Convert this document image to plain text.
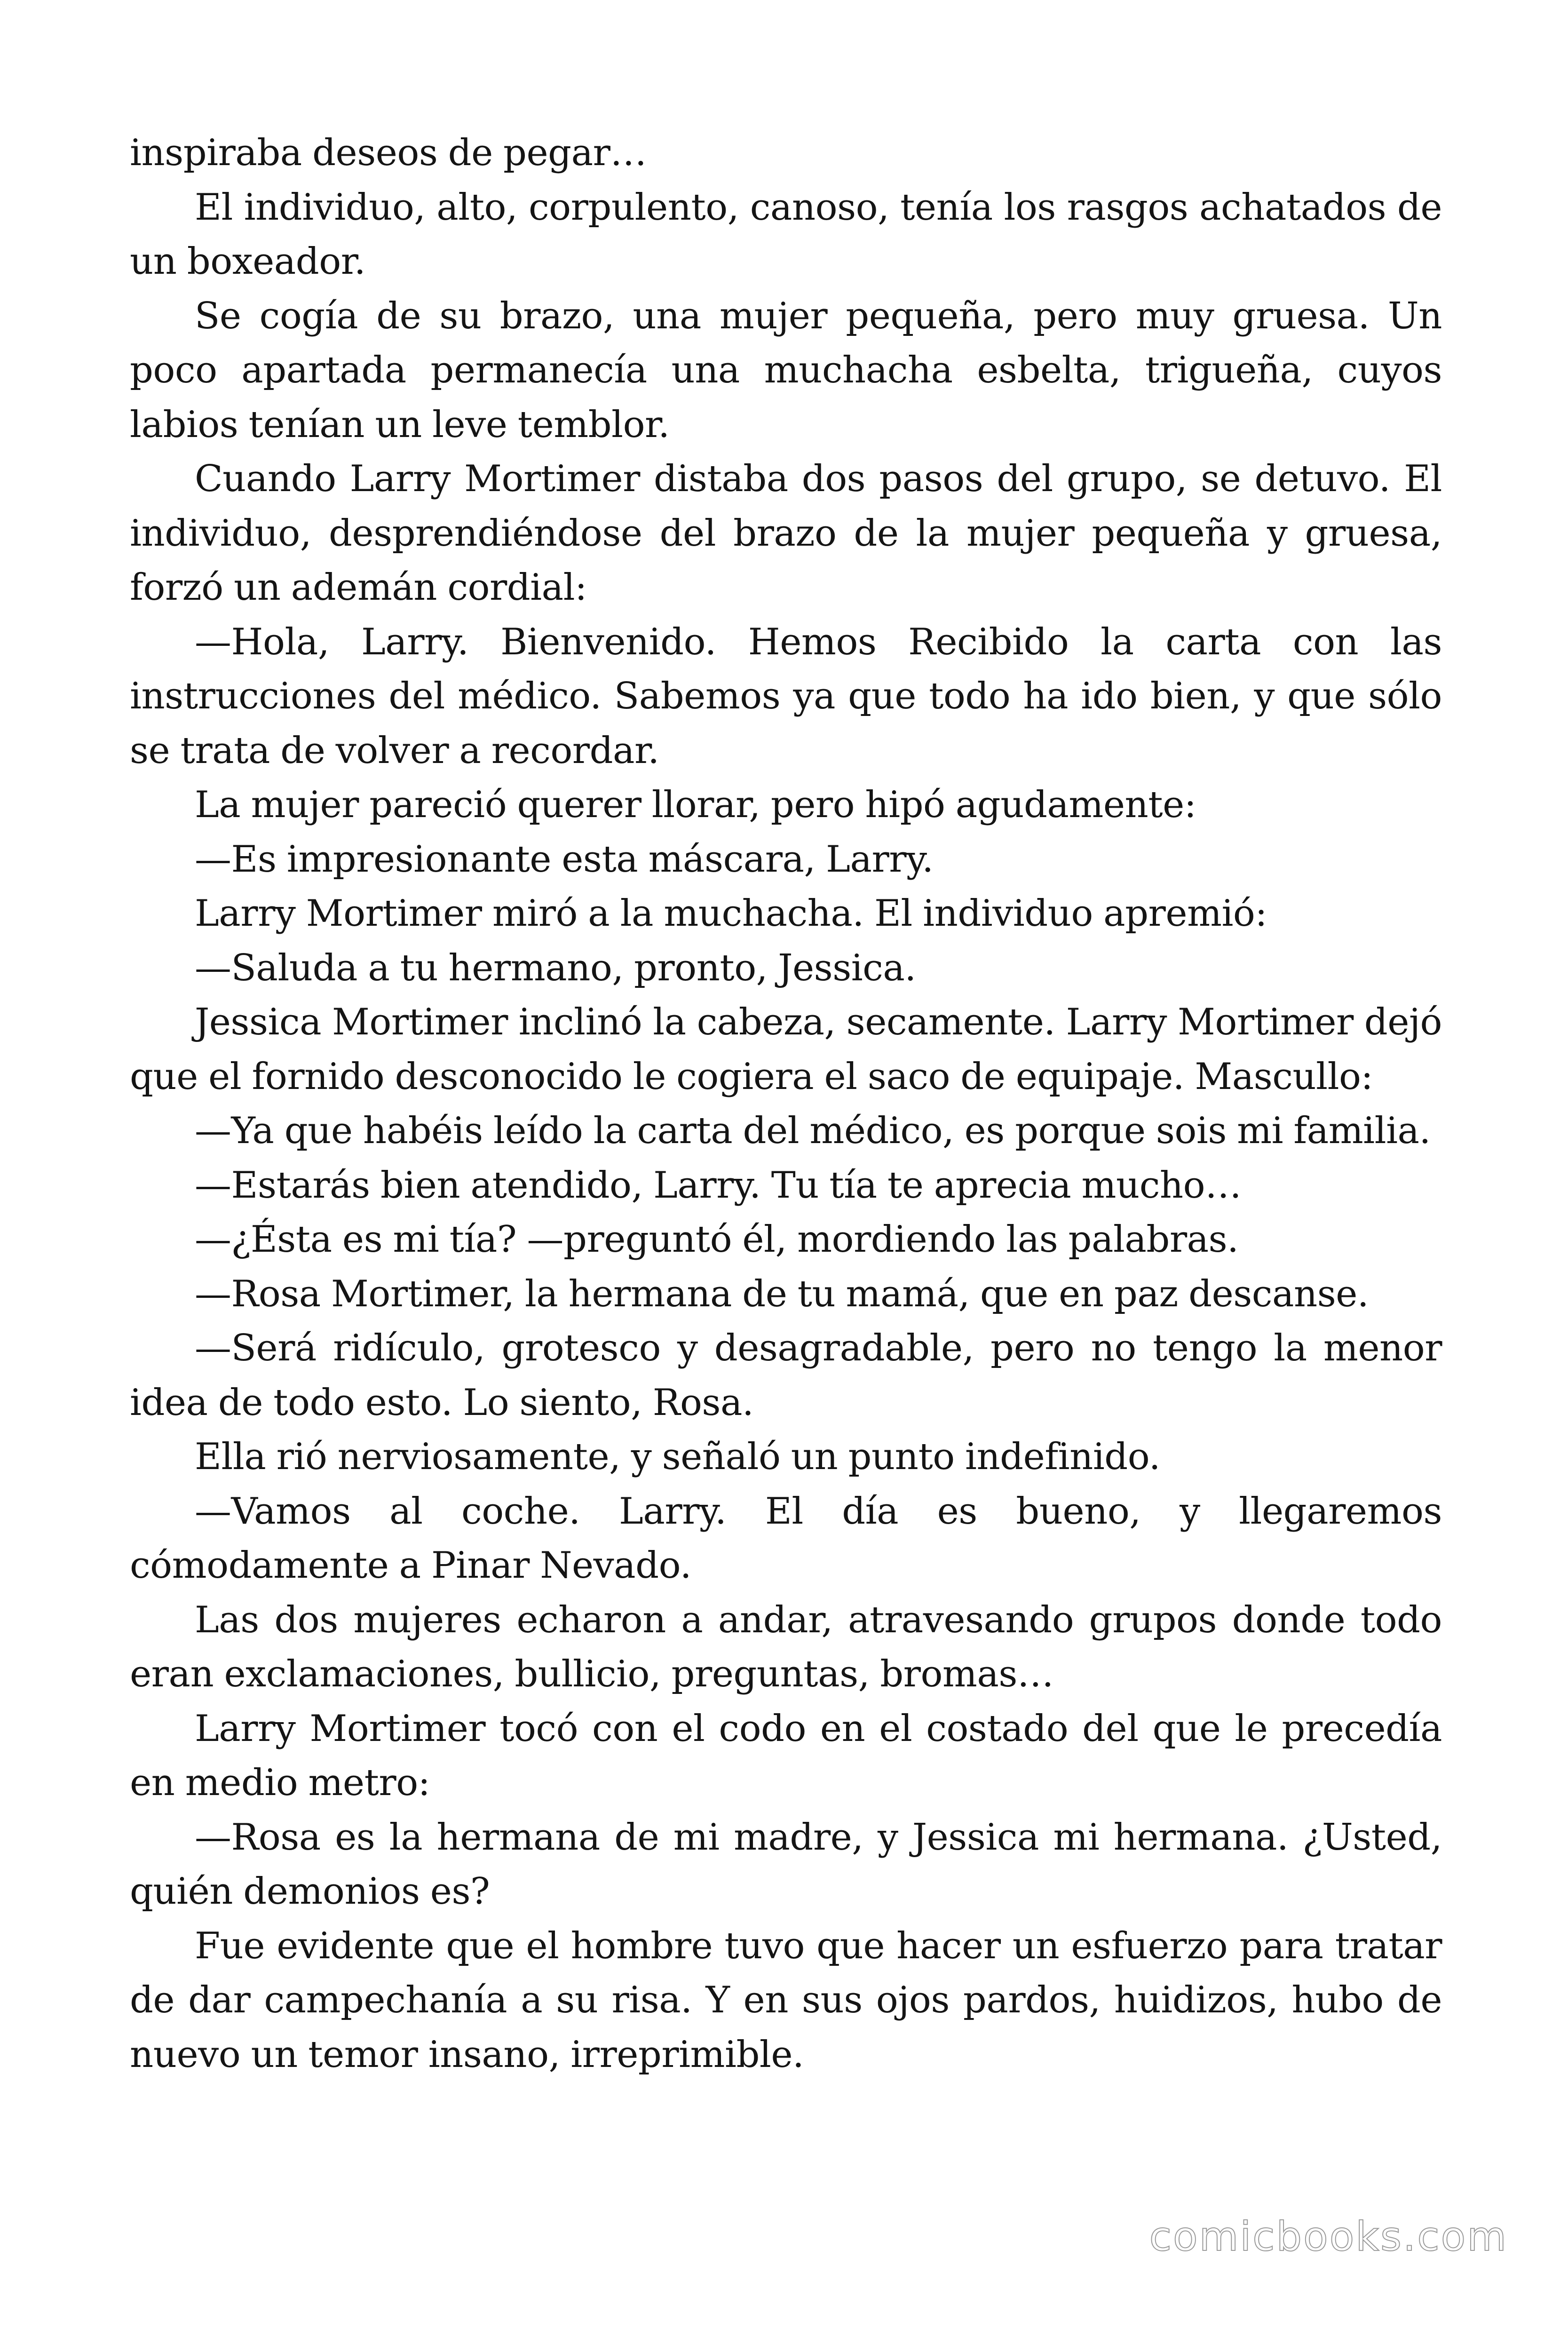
inspiraba deseos de pegar…

El individuo, alto, corpulento, canoso, tenía los rasgos achatados de un boxeador.

Se cogía de su brazo, una mujer pequeña, pero muy gruesa. Un poco apartada permanecía una muchacha esbelta, trigueña, cuyos labios tenían un leve temblor.

Cuando Larry Mortimer distaba dos pasos del grupo, se detuvo. El individuo, desprendiéndose del brazo de la mujer pequeña y gruesa, forzó un ademán cordial:

—Hola, Larry. Bienvenido. Hemos Recibido la carta con las instrucciones del médico. Sabemos ya que todo ha ido bien, y que sólo se trata de volver a recordar.

La mujer pareció querer llorar, pero hipó agudamente:

—Es impresionante esta máscara, Larry.

Larry Mortimer miró a la muchacha. El individuo apremió:

—Saluda a tu hermano, pronto, Jessica.

Jessica Mortimer inclinó la cabeza, secamente. Larry Mortimer dejó que el fornido desconocido le cogiera el saco de equipaje. Mascullo:

—Ya que habéis leído la carta del médico, es porque sois mi familia.

—Estarás bien atendido, Larry. Tu tía te aprecia mucho…

—¿Ésta es mi tía? —preguntó él, mordiendo las palabras.

—Rosa Mortimer, la hermana de tu mamá, que en paz descanse.

—Será ridículo, grotesco y desagradable, pero no tengo la menor idea de todo esto. Lo siento, Rosa.

Ella rió nerviosamente, y señaló un punto indefinido.

—Vamos al coche. Larry. El día es bueno, y llegaremos cómodamente a Pinar Nevado.

Las dos mujeres echaron a andar, atravesando grupos donde todo eran exclamaciones, bullicio, preguntas, bromas…

Larry Mortimer tocó con el codo en el costado del que le precedía en medio metro:

—Rosa es la hermana de mi madre, y Jessica mi hermana. ¿Usted, quién demonios es?

Fue evidente que el hombre tuvo que hacer un esfuerzo para tratar de dar campechanía a su risa. Y en sus ojos pardos, huidizos, hubo de nuevo un temor insano, irreprimible.

comicbooks.com
